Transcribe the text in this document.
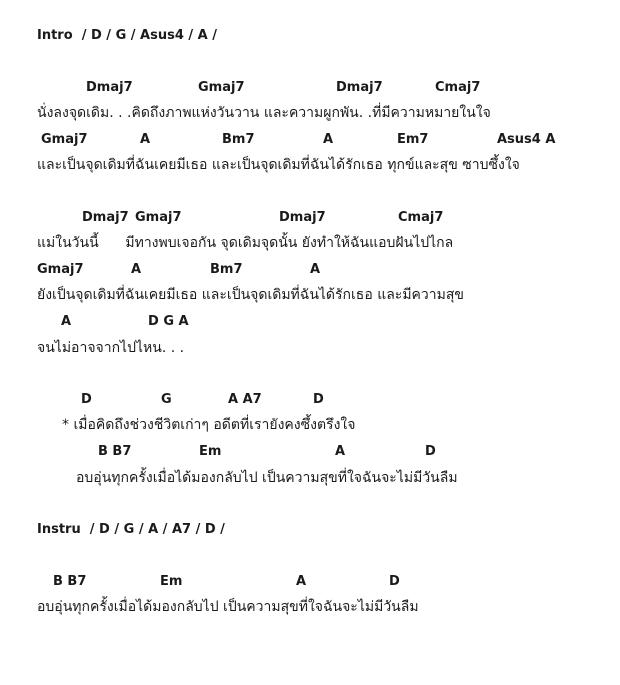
Intro  / D / G / Asus4 / A /

Dmaj7

	Gmaj7

	Dmaj7

	Cmaj7

นั่งลงจุดเดิม. . .คิดถึงภาพแห่งวันวาน และความผูกพัน. .ที่มีความหมายในใจ

Gmaj7

	A

	Bm7

	A

	Em7

	Asus4 A

และเป็นจุดเดิมที่ฉันเคยมีเธอ และเป็นจุดเดิมที่ฉันได้รักเธอ ทุกข์และสุข ซาบซึ้งใจ

Dmaj7

Gmaj7

	Dmaj7

	Cmaj7

แม่ในวันนี้      มีทางพบเจอกัน จุดเดิมจุดนั้น ยังทำให้ฉันแอบฝันไปไกล

Gmaj7

	A

	Bm7

	A

ยังเป็นจุดเดิมที่ฉันเคยมีเธอ และเป็นจุดเดิมที่ฉันได้รักเธอ และมีความสุข

A

	D G A

จนไม่อาจจากไปไหน. . .

D

	G

	A A7

	D

* เมื่อคิดถึงช่วงชีวิตเก่าๆ อดีตที่เรายังคงซึ้งตรึงใจ

B B7

	Em

	A

	D

อบอุ่นทุกครั้งเมื่อได้มองกลับไป เป็นความสุขที่ใจฉันจะไม่มีวันลืม

Instru  / D / G / A / A7 / D /

B B7

	Em

	A

	D

อบอุ่นทุกครั้งเมื่อได้มองกลับไป เป็นความสุขที่ใจฉันจะไม่มีวันลืม
